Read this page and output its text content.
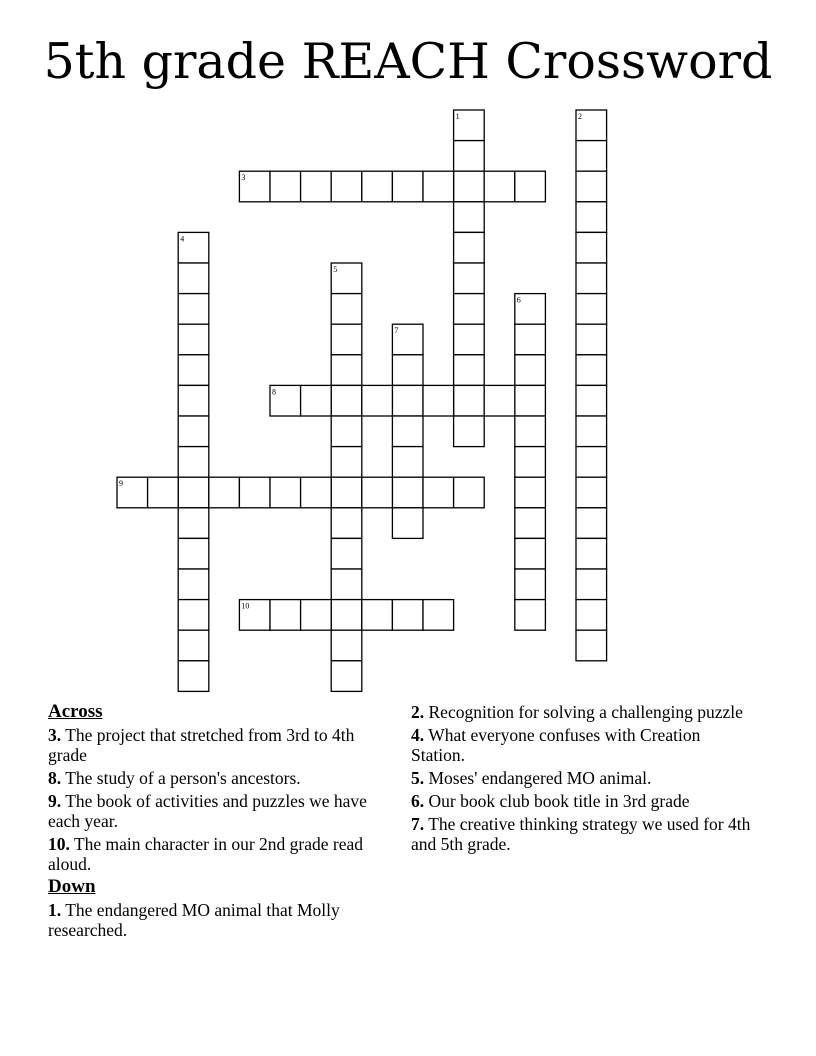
5th grade REACH Crossword
1	2
3
4
5
6
7
8
9
10
Across
3. The project that stretched from 3rd to 4th grade
8. The study of a person's ancestors.
9. The book of activities and puzzles we have each year.
10. The main character in our 2nd grade read aloud.
Down
1. The endangered MO animal that Molly researched.
2. Recognition for solving a challenging puzzle
4. What everyone confuses with Creation Station.
5. Moses' endangered MO animal.
6. Our book club book title in 3rd grade
7. The creative thinking strategy we used for 4th and 5th grade.
